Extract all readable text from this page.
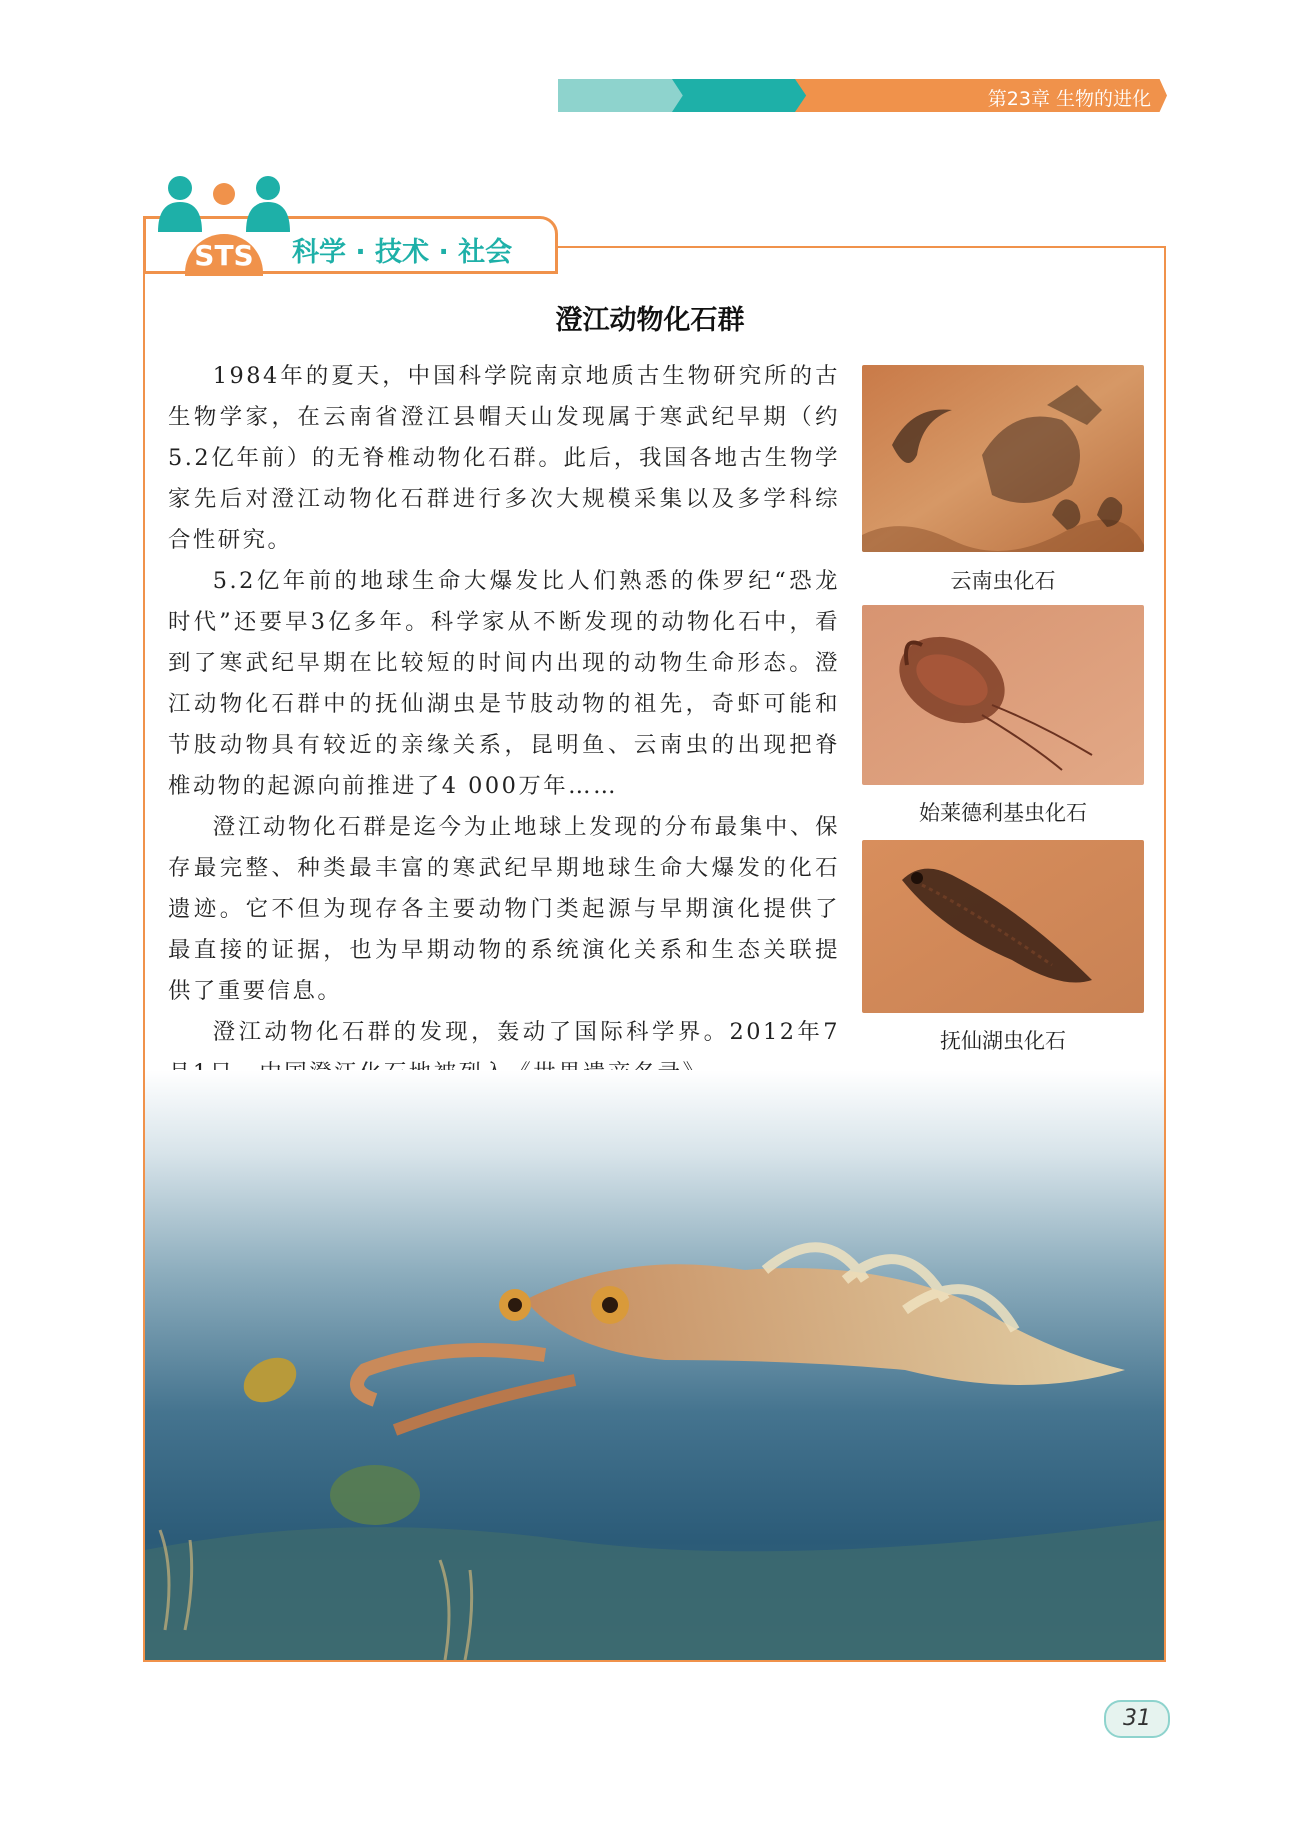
第23章 生物的进化
STS	科学 · 技术 · 社会
澄江动物化石群

1984年的夏天，中国科学院南京地质古生物研究所的古生物学家，在云南省澄江县帽天山发现属于寒武纪早期（约5.2亿年前）的无脊椎动物化石群。此后，我国各地古生物学家先后对澄江动物化石群进行多次大规模采集以及多学科综合性研究。

5.2亿年前的地球生命大爆发比人们熟悉的侏罗纪“恐龙时代”还要早3亿多年。科学家从不断发现的动物化石中，看到了寒武纪早期在比较短的时间内出现的动物生命形态。澄江动物化石群中的抚仙湖虫是节肢动物的祖先，奇虾可能和节肢动物具有较近的亲缘关系，昆明鱼、云南虫的出现把脊椎动物的起源向前推进了4 000万年……

澄江动物化石群是迄今为止地球上发现的分布最集中、保存最完整、种类最丰富的寒武纪早期地球生命大爆发的化石遗迹。它不但为现存各主要动物门类起源与早期演化提供了最直接的证据，也为早期动物的系统演化关系和生态关联提供了重要信息。

澄江动物化石群的发现，轰动了国际科学界。2012年7

云南虫化石
始莱德利基虫化石
抚仙湖虫化石
31
